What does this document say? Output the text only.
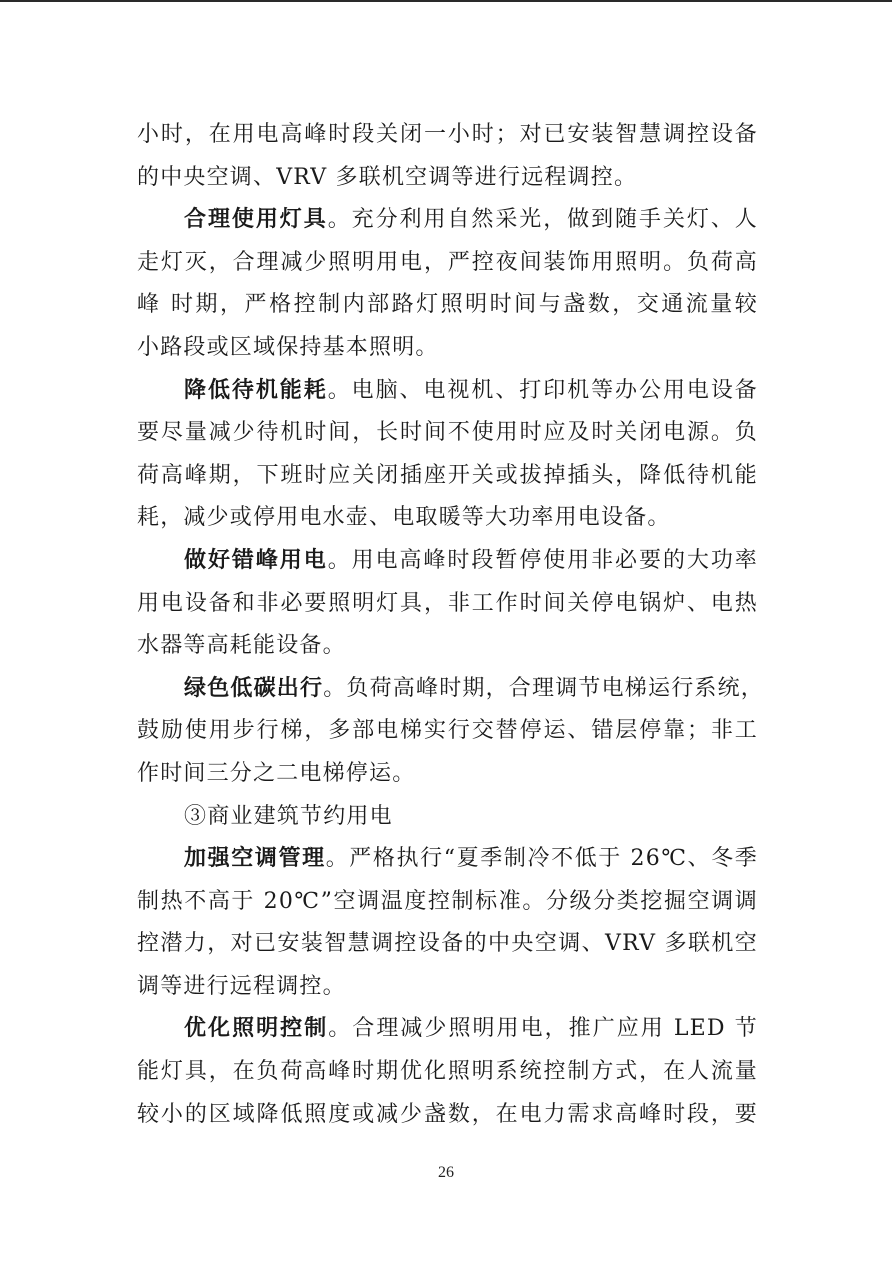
小时，在用电高峰时段关闭一小时；对已安装智慧调控设备
的中央空调、VRV 多联机空调等进行远程调控。
合理使用灯具。充分利用自然采光，做到随手关灯、人
走灯灭，合理减少照明用电，严控夜间装饰用照明。负荷高
峰 时期，严格控制内部路灯照明时间与盏数，交通流量较
小路段或区域保持基本照明。
降低待机能耗。电脑、电视机、打印机等办公用电设备
要尽量减少待机时间，长时间不使用时应及时关闭电源。负
荷高峰期，下班时应关闭插座开关或拔掉插头，降低待机能
耗，减少或停用电水壶、电取暖等大功率用电设备。
做好错峰用电。用电高峰时段暂停使用非必要的大功率
用电设备和非必要照明灯具，非工作时间关停电锅炉、电热
水器等高耗能设备。
绿色低碳出行。负荷高峰时期，合理调节电梯运行系统，
鼓励使用步行梯，多部电梯实行交替停运、错层停靠；非工
作时间三分之二电梯停运。
③商业建筑节约用电
加强空调管理。严格执行“夏季制冷不低于 26℃、冬季
制热不高于 20℃”空调温度控制标准。分级分类挖掘空调调
控潜力，对已安装智慧调控设备的中央空调、VRV 多联机空
调等进行远程调控。
优化照明控制。合理减少照明用电，推广应用 LED 节
能灯具，在负荷高峰时期优化照明系统控制方式，在人流量
较小的区域降低照度或减少盏数，在电力需求高峰时段，要
26
